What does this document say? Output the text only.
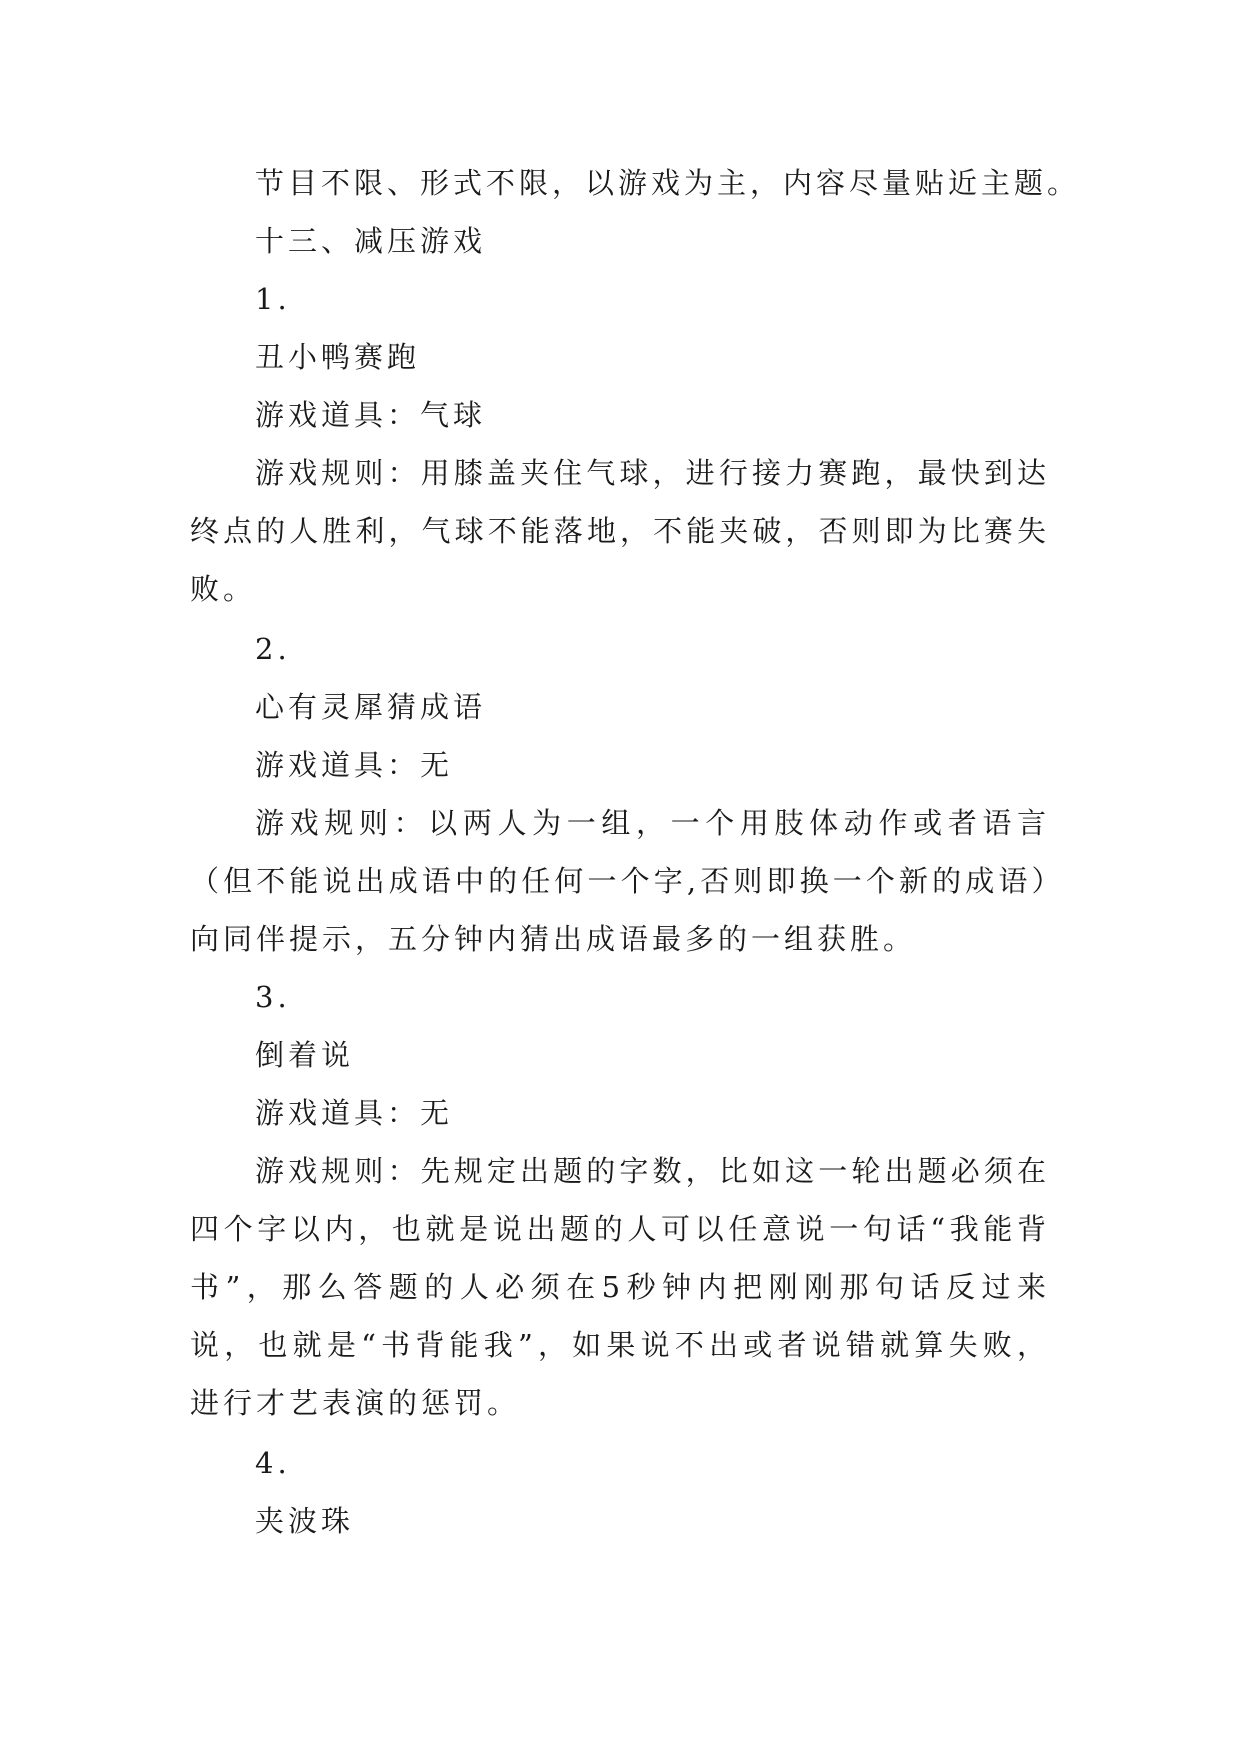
节目不限、形式不限，以游戏为主，内容尽量贴近主题。

十三、减压游戏

1.

丑小鸭赛跑

游戏道具：气球

游戏规则：用膝盖夹住气球，进行接力赛跑，最快到达终点的人胜利，气球不能落地，不能夹破，否则即为比赛失败。

2.

心有灵犀猜成语

游戏道具：无

游戏规则：以两人为一组，一个用肢体动作或者语言（但不能说出成语中的任何一个字,否则即换一个新的成语）向同伴提示，五分钟内猜出成语最多的一组获胜。

3.

倒着说

游戏道具：无

游戏规则：先规定出题的字数，比如这一轮出题必须在四个字以内，也就是说出题的人可以任意说一句话“我能背书”，那么答题的人必须在5秒钟内把刚刚那句话反过来说，也就是“书背能我”，如果说不出或者说错就算失败，进行才艺表演的惩罚。

4.

夹波珠
